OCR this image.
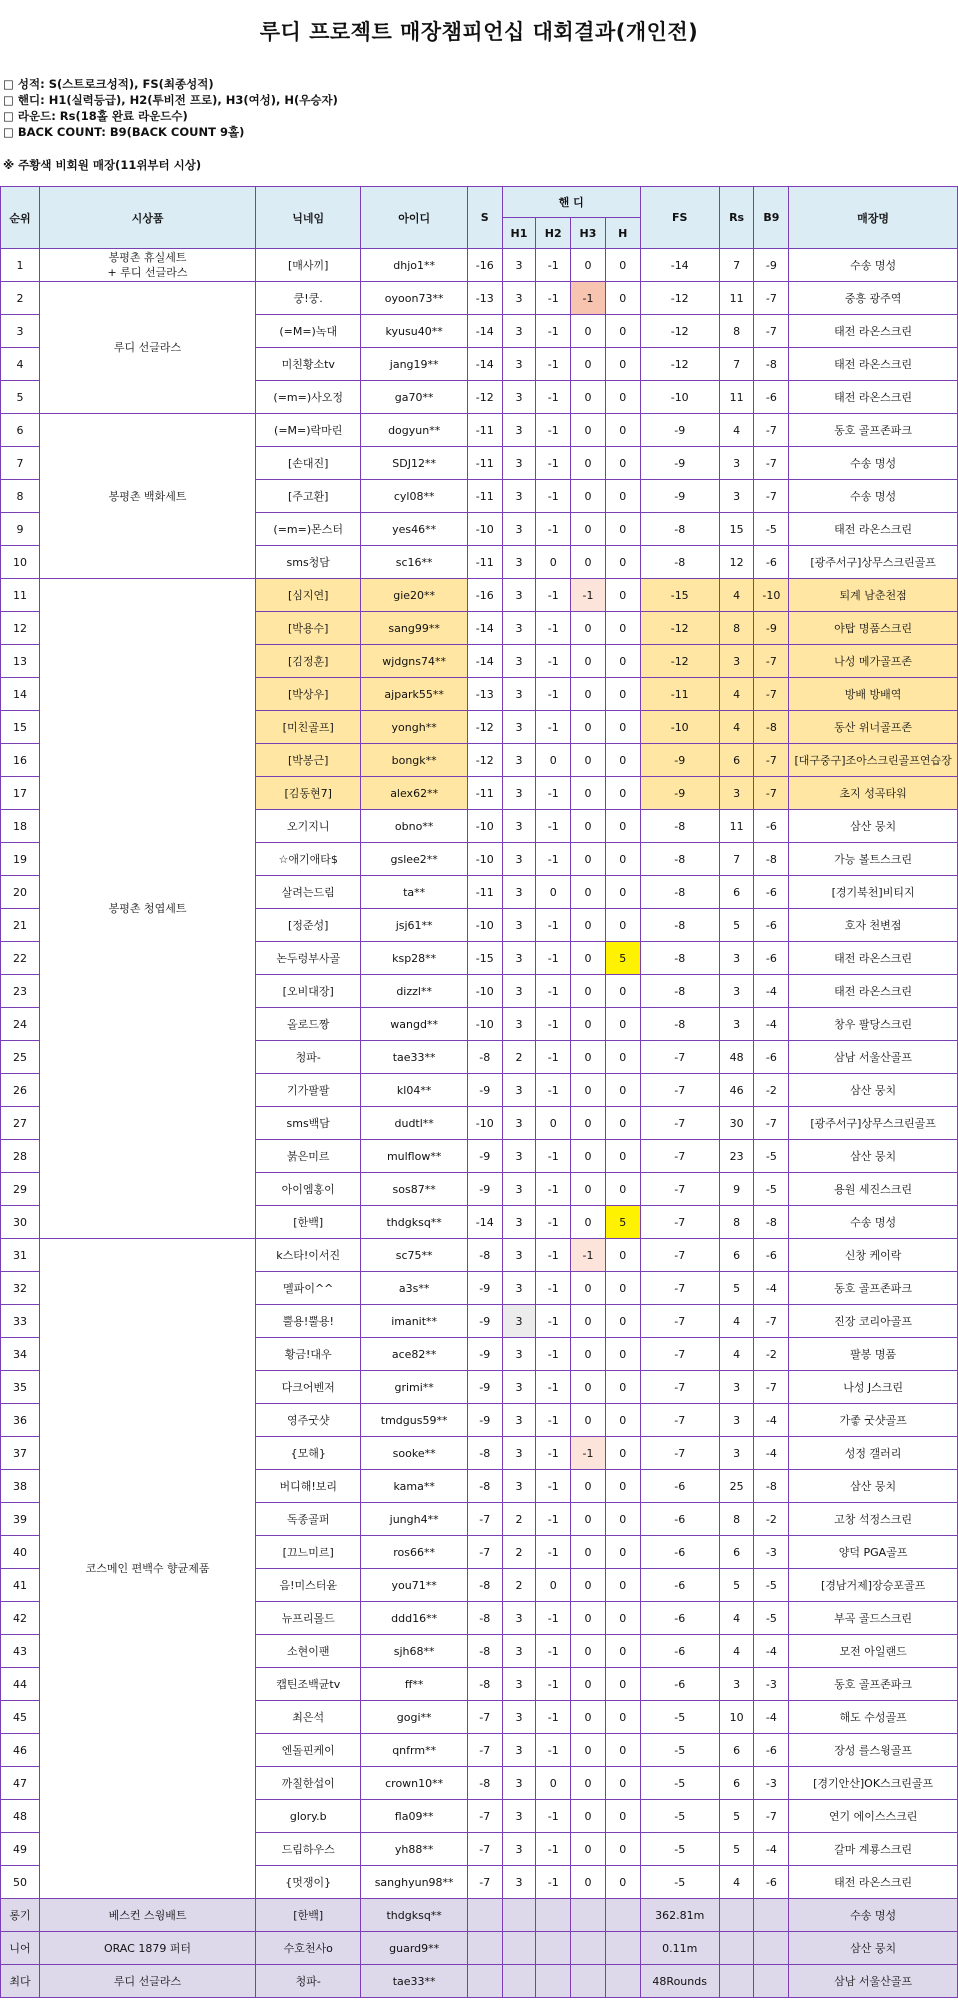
루디 프로젝트 매장챔피언십 대회결과(개인전)
□ 성적: S(스트로크성적), FS(최종성적)
□ 핸디: H1(실력등급), H2(투비전 프로), H3(여성), H(우승자)
□ 라운드: Rs(18홀 완료 라운드수)
□ BACK COUNT: B9(BACK COUNT 9홀)
※ 주황색 비회원 매장(11위부터 시상)
순위	시상품	닉네임	아이디	S	핸 디				FS	Rs	B9	매장명
					H1	H2	H3	H				
1	봉평촌 휴실세트
+ 루디 선글라스	[매사끼]	dhjo1**	-16	3	-1	0	0	-14	7	-9	수송 명성
2	루디 선글라스	쿵!쿵.	oyoon73**	-13	3	-1	-1	0	-12	11	-7	중흥 광주역
3		(=M=)녹대	kyusu40**	-14	3	-1	0	0	-12	8	-7	태전 라온스크린
4		미친황소tv	jang19**	-14	3	-1	0	0	-12	7	-8	태전 라온스크린
5		(=m=)사오정	ga70**	-12	3	-1	0	0	-10	11	-6	태전 라온스크린
6	봉평촌 백화세트	(=M=)락마린	dogyun**	-11	3	-1	0	0	-9	4	-7	동호 골프존파크
7		[손대진]	SDJ12**	-11	3	-1	0	0	-9	3	-7	수송 명성
8		[주고환]	cyl08**	-11	3	-1	0	0	-9	3	-7	수송 명성
9		(=m=)몬스터	yes46**	-10	3	-1	0	0	-8	15	-5	태전 라온스크린
10		sms청담	sc16**	-11	3	0	0	0	-8	12	-6	[광주서구]상무스크린골프
11	봉평촌 청엽세트	[심지연]	gie20**	-16	3	-1	-1	0	-15	4	-10	퇴계 남춘천점
12		[박용수]	sang99**	-14	3	-1	0	0	-12	8	-9	야탑 명품스크린
13		[김정훈]	wjdgns74**	-14	3	-1	0	0	-12	3	-7	나성 메가골프존
14		[박상우]	ajpark55**	-13	3	-1	0	0	-11	4	-7	방배 방배역
15		[미친골프]	yongh**	-12	3	-1	0	0	-10	4	-8	동산 위너골프존
16		[박봉근]	bongk**	-12	3	0	0	0	-9	6	-7	[대구중구]조아스크린골프연습장
17		[김동현7]	alex62**	-11	3	-1	0	0	-9	3	-7	초지 성곡타워
18		오기지니	obno**	-10	3	-1	0	0	-8	11	-6	삼산 뭉치
19		☆애기애타$	gslee2**	-10	3	-1	0	0	-8	7	-8	가능 볼트스크린
20		살려는드림	ta**	-11	3	0	0	0	-8	6	-6	[경기북천]비티지
21		[정준성]	jsj61**	-10	3	-1	0	0	-8	5	-6	호자 천변점
22		논두렁부사골	ksp28**	-15	3	-1	0	5	-8	3	-6	태전 라온스크린
23		[오비대장]	dizzl**	-10	3	-1	0	0	-8	3	-4	태전 라온스크린
24		올로드짱	wangd**	-10	3	-1	0	0	-8	3	-4	창우 팔당스크린
25		청파-	tae33**	-8	2	-1	0	0	-7	48	-6	삼남 서울산골프
26		기가팔팔	kl04**	-9	3	-1	0	0	-7	46	-2	삼산 뭉치
27		sms백담	dudtl**	-10	3	0	0	0	-7	30	-7	[광주서구]상무스크린골프
28		붉은미르	mulflow**	-9	3	-1	0	0	-7	23	-5	삼산 뭉치
29		아이엠홍이	sos87**	-9	3	-1	0	0	-7	9	-5	용원 세진스크린
30		[한백]	thdgksq**	-14	3	-1	0	5	-7	8	-8	수송 명성
31	코스메인 편백수 향균제품	k스타!이서진	sc75**	-8	3	-1	-1	0	-7	6	-6	신창 케이락
32		멜파이^^	a3s**	-9	3	-1	0	0	-7	5	-4	동호 골프존파크
33		뿔용!뿔용!	imanit**	-9	3	-1	0	0	-7	4	-7	진장 코리아골프
34		황금!대우	ace82**	-9	3	-1	0	0	-7	4	-2	팔봉 명품
35		다크어벤저	grimi**	-9	3	-1	0	0	-7	3	-7	나성 J스크린
36		영주굿샷	tmdgus59**	-9	3	-1	0	0	-7	3	-4	가좋 굿샷골프
37		{모해}	sooke**	-8	3	-1	-1	0	-7	3	-4	성정 갤러리
38		버디해!보리	kama**	-8	3	-1	0	0	-6	25	-8	삼산 뭉치
39		독종골퍼	jungh4**	-7	2	-1	0	0	-6	8	-2	고창 석정스크린
40		[끄느미르]	ros66**	-7	2	-1	0	0	-6	6	-3	양덕 PGA골프
41		음!미스터윤	you71**	-8	2	0	0	0	-6	5	-5	[경남거제]장승포골프
42		뉴프리몰드	ddd16**	-8	3	-1	0	0	-6	4	-5	부곡 골드스크린
43		소현이팬	sjh68**	-8	3	-1	0	0	-6	4	-4	모전 아일랜드
44		캡틴조백균tv	ff**	-8	3	-1	0	0	-6	3	-3	동호 골프존파크
45		최은석	gogi**	-7	3	-1	0	0	-5	10	-4	해도 수성골프
46		엔돌핀케이	qnfrm**	-7	3	-1	0	0	-5	6	-6	장성 를스윙골프
47		까칠한섭이	crown10**	-8	3	0	0	0	-5	6	-3	[경기안산]OK스크린골프
48		glory.b	fla09**	-7	3	-1	0	0	-5	5	-7	연기 에이스스크린
49		드림하우스	yh88**	-7	3	-1	0	0	-5	5	-4	갈마 계룡스크린
50		{멋쟁이}	sanghyun98**	-7	3	-1	0	0	-5	4	-6	태전 라온스크린
롱기	베스컨 스윙배트	[한백]	thdgksq**						362.81m			수송 명성
니어	ORAC 1879 퍼터	수호천사o	guard9**						0.11m			삼산 뭉치
최다	루디 선글라스	청파-	tae33**						48Rounds			삼남 서울산골프
